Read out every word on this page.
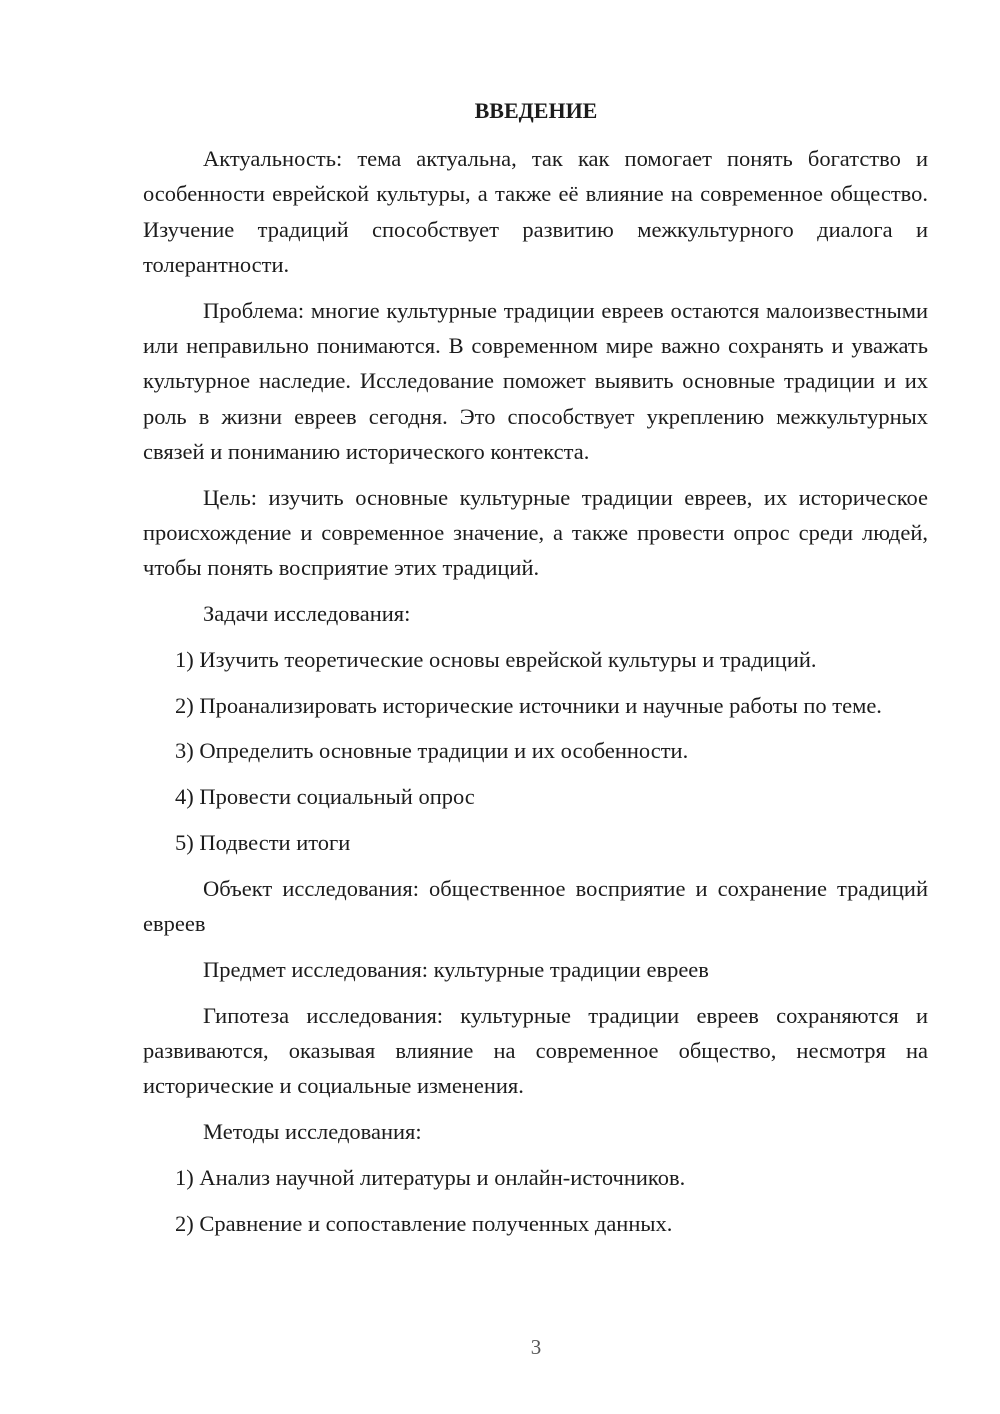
ВВЕДЕНИЕ

Актуальность: тема актуальна, так как помогает понять богатство и особенности еврейской культуры, а также её влияние на современное общество. Изучение традиций способствует развитию межкультурного диалога и толерантности.

Проблема: многие культурные традиции евреев остаются малоизвестными или неправильно понимаются. В современном мире важно сохранять и уважать культурное наследие. Исследование поможет выявить основные традиции и их роль в жизни евреев сегодня. Это способствует укреплению межкультурных связей и пониманию исторического контекста.

Цель: изучить основные культурные традиции евреев, их историческое происхождение и современное значение, а также провести опрос среди людей, чтобы понять восприятие этих традиций.

Задачи исследования:

1) Изучить теоретические основы еврейской культуры и традиций.

2) Проанализировать исторические источники и научные работы по теме.

3) Определить основные традиции и их особенности.

4) Провести социальный опрос

5) Подвести итоги

Объект исследования: общественное восприятие и сохранение традиций евреев

Предмет исследования: культурные традиции евреев

Гипотеза исследования: культурные традиции евреев сохраняются и развиваются, оказывая влияние на современное общество, несмотря на исторические и социальные изменения.

Методы исследования:

1) Анализ научной литературы и онлайн-источников.

2) Сравнение и сопоставление полученных данных.

3
